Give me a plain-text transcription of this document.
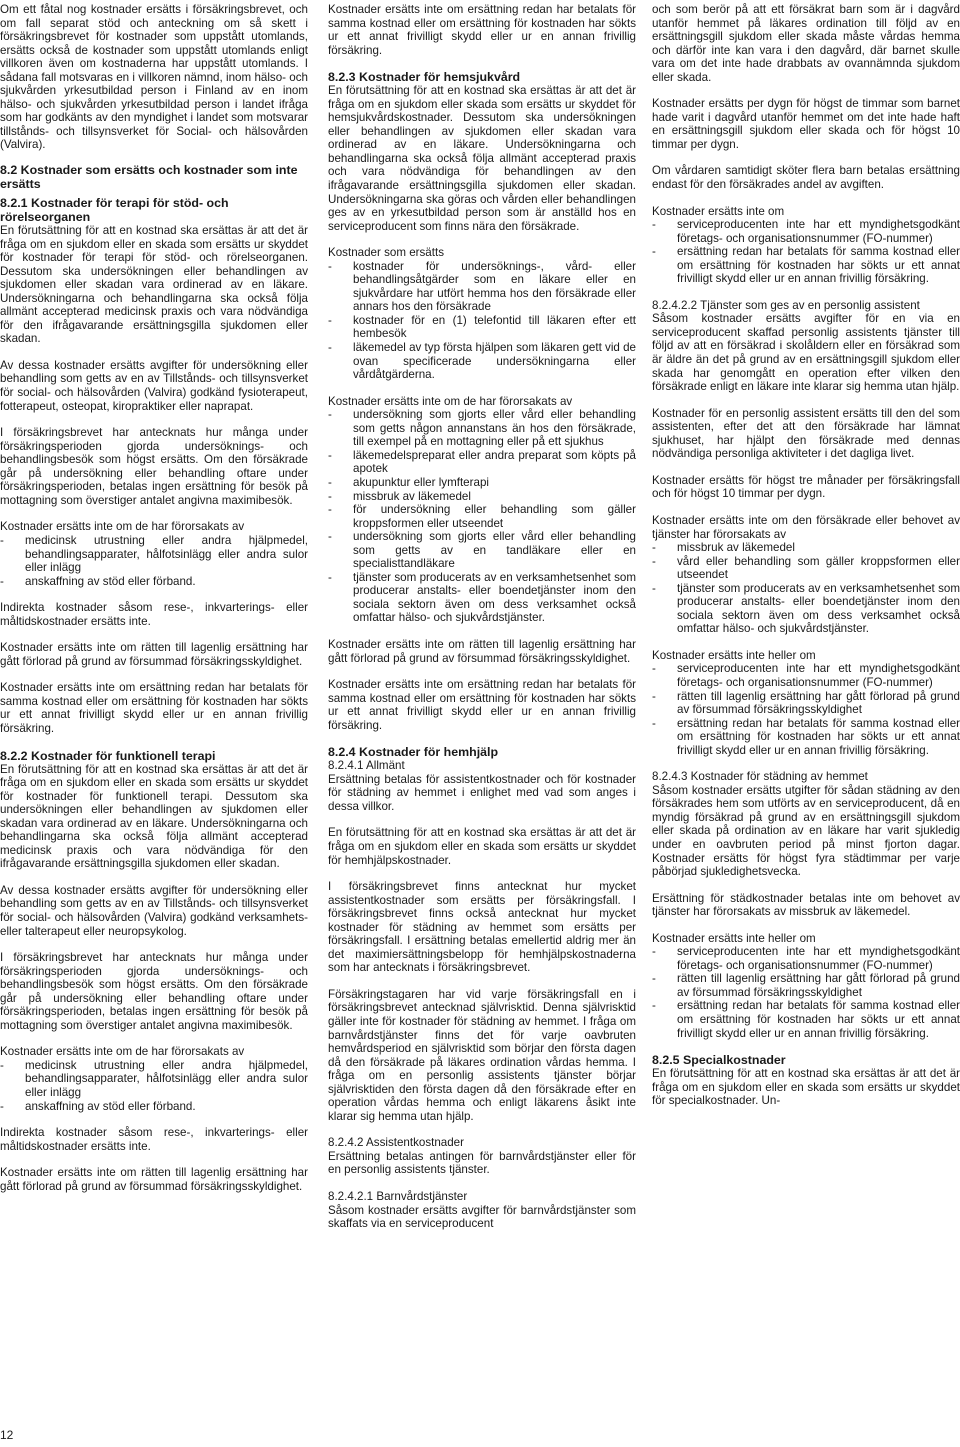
Om ett fåtal nog kostnader ersätts i försäkringsbrevet, och om fall separat stöd och anteckning om så skett i försäkringsbrevet för kostnader som uppstått utomlands, ersätts också de kostnader som uppstått utomlands enligt villkoren även om kostnaderna har uppstått utomlands. I sådana fall motsvaras en i villkoren nämnd, inom hälso- och sjukvården yrkesutbildad person i Finland av en inom hälso- och sjukvården yrkesutbildad person i landet ifråga som har godkänts av den myndighet i landet som motsvarar tillstånds- och tillsynsverket för Social- och hälsovården (Valvira).

8.2 Kostnader som ersätts och kostnader som inte ersätts
8.2.1 Kostnader för terapi för stöd- och rörelseorganen

En förutsättning för att en kostnad ska ersättas är att det är fråga om en sjukdom eller en skada som ersätts ur skyddet för kostnader för terapi för stöd- och rörelseorganen. Dessutom ska undersökningen eller behandlingen av sjukdomen eller skadan vara ordinerad av en läkare. Undersökningarna och behandlingarna ska också följa allmänt accepterad medicinsk praxis och vara nödvändiga för den ifrågavarande ersättningsgilla sjukdomen eller skadan.

Av dessa kostnader ersätts avgifter för undersökning eller behandling som getts av en av Tillstånds- och tillsynsverket för social- och hälsovården (Valvira) godkänd fysioterapeut, fotterapeut, osteopat, kiropraktiker eller naprapat.

I försäkringsbrevet har antecknats hur många under försäkringsperioden gjorda undersöknings- och behandlingsbesök som högst ersätts. Om den försäkrade går på undersökning eller behandling oftare under försäkringsperioden, betalas ingen ersättning för besök på mottagning som överstiger antalet angivna maximibesök.

Kostnader ersätts inte om de har förorsakats av

- medicinsk utrustning eller andra hjälpmedel, behandlingsapparater, hålfotsinlägg eller andra sulor eller inlägg
- anskaffning av stöd eller förband.

Indirekta kostnader såsom rese-, inkvarterings- eller måltidskostnader ersätts inte.

Kostnader ersätts inte om rätten till lagenlig ersättning har gått förlorad på grund av försummad försäkringsskyldighet.

Kostnader ersätts inte om ersättning redan har betalats för samma kostnad eller om ersättning för kostnaden har sökts ur ett annat frivilligt skydd eller ur en annan frivillig försäkring.

8.2.2 Kostnader för funktionell terapi

En förutsättning för att en kostnad ska ersättas är att det är fråga om en sjukdom eller en skada som ersätts ur skyddet för kostnader för funktionell terapi. Dessutom ska undersökningen eller behandlingen av sjukdomen eller skadan vara ordinerad av en läkare. Undersökningarna och behandlingarna ska också följa allmänt accepterad medicinsk praxis och vara nödvändiga för den ifrågavarande ersättningsgilla sjukdomen eller skadan.

Av dessa kostnader ersätts avgifter för undersökning eller behandling som getts av en av Tillstånds- och tillsynsverket för social- och hälsovården (Valvira) godkänd verksamhets- eller talterapeut eller neuropsykolog.

I försäkringsbrevet har antecknats hur många under försäkringsperioden gjorda undersöknings- och behandlingsbesök som högst ersätts. Om den försäkrade går på undersökning eller behandling oftare under försäkringsperioden, betalas ingen ersättning för besök på mottagning som överstiger antalet angivna maximibesök.

Kostnader ersätts inte om de har förorsakats av

- medicinsk utrustning eller andra hjälpmedel, behandlingsapparater, hålfotsinlägg eller andra sulor eller inlägg
- anskaffning av stöd eller förband.

Indirekta kostnader såsom rese-, inkvarterings- eller måltidskostnader ersätts inte.

Kostnader ersätts inte om rätten till lagenlig ersättning har gått förlorad på grund av försummad försäkringsskyldighet.

Kostnader ersätts inte om ersättning redan har betalats för samma kostnad eller om ersättning för kostnaden har sökts ur ett annat frivilligt skydd eller ur en annan frivillig försäkring.

8.2.3 Kostnader för hemsjukvård

En förutsättning för att en kostnad ska ersättas är att det är fråga om en sjukdom eller skada som ersätts ur skyddet för hemsjukvårdskostnader. Dessutom ska undersökningen eller behandlingen av sjukdomen eller skadan vara ordinerad av en läkare. Undersökningarna och behandlingarna ska också följa allmänt accepterad praxis och vara nödvändiga för behandlingen av den ifrågavarande ersättningsgilla sjukdomen eller skadan. Undersökningarna ska göras och vården eller behandlingen ges av en yrkesutbildad person som är anställd hos en serviceproducent som finns nära den försäkrade.

Kostnader som ersätts

- kostnader för undersöknings-, vård- eller behandlingsåtgärder som en läkare eller en sjukvårdare har utfört hemma hos den försäkrade eller annars hos den försäkrade
- kostnader för en (1) telefontid till läkaren efter ett hembesök
- läkemedel av typ första hjälpen som läkaren gett vid de ovan specificerade undersökningarna eller vårdåtgärderna.

Kostnader ersätts inte om de har förorsakats av

- undersökning som gjorts eller vård eller behandling som getts någon annanstans än hos den försäkrade, till exempel på en mottagning eller på ett sjukhus
- läkemedelspreparat eller andra preparat som köpts på apotek
- akupunktur eller lymfterapi
- missbruk av läkemedel
- för undersökning eller behandling som gäller kroppsformen eller utseendet
- undersökning som gjorts eller vård eller behandling som getts av en tandläkare eller en specialisttandläkare
- tjänster som producerats av en verksamhetsenhet som producerar anstalts- eller boendetjänster inom den sociala sektorn även om dess verksamhet också omfattar hälso- och sjukvårdstjänster.

Kostnader ersätts inte om rätten till lagenlig ersättning har gått förlorad på grund av försummad försäkringsskyldighet.

Kostnader ersätts inte om ersättning redan har betalats för samma kostnad eller om ersättning för kostnaden har sökts ur ett annat frivilligt skydd eller ur en annan frivillig försäkring.

8.2.4 Kostnader för hemhjälp
8.2.4.1 Allmänt

Ersättning betalas för assistentkostnader och för kostnader för städning av hemmet i enlighet med vad som anges i dessa villkor.

En förutsättning för att en kostnad ska ersättas är att det är fråga om en sjukdom eller en skada som ersätts ur skyddet för hemhjälpskostnader.

I försäkringsbrevet finns antecknat hur mycket assistentkostnader som ersätts per försäkringsfall. I försäkringsbrevet finns också antecknat hur mycket kostnader för städning av hemmet som ersätts per försäkringsfall. I ersättning betalas emellertid aldrig mer än det maximiersättningsbelopp för hemhjälpskostnaderna som har antecknats i försäkringsbrevet.

Försäkringstagaren har vid varje försäkringsfall en i försäkringsbrevet antecknad självrisktid. Denna självrisktid gäller inte för kostnader för städning av hemmet. I fråga om barnvårdstjänster finns det för varje oavbruten hemvårdsperiod en självrisktid som börjar den första dagen då den försäkrade på läkares ordination vårdas hemma. I fråga om en personlig assistents tjänster börjar självrisktiden den första dagen då den försäkrade efter en operation vårdas hemma och enligt läkarens åsikt inte klarar sig hemma utan hjälp.

8.2.4.2 Assistentkostnader

Ersättning betalas antingen för barnvårdstjänster eller för en personlig assistents tjänster.

8.2.4.2.1 Barnvårdstjänster

Såsom kostnader ersätts avgifter för barnvårdstjänster som skaffats via en serviceproducent

och som berör på att ett försäkrat barn som är i dagvård utanför hemmet på läkares ordination till följd av en ersättningsgill sjukdom eller skada måste vårdas hemma och därför inte kan vara i den dagvård, där barnet skulle vara om det inte hade drabbats av ovannämnda sjukdom eller skada.

Kostnader ersätts per dygn för högst de timmar som barnet hade varit i dagvård utanför hemmet om det inte hade haft en ersättningsgill sjukdom eller skada och för högst 10 timmar per dygn.

Om vårdaren samtidigt sköter flera barn betalas ersättning endast för den försäkrades andel av avgiften.

Kostnader ersätts inte om

- serviceproducenten inte har ett myndighetsgodkänt företags- och organisationsnummer (FO-nummer)
- ersättning redan har betalats för samma kostnad eller om ersättning för kostnaden har sökts ur ett annat frivilligt skydd eller ur en annan frivillig försäkring.
8.2.4.2.2 Tjänster som ges av en personlig assistent

Såsom kostnader ersätts avgifter för en via en serviceproducent skaffad personlig assistents tjänster till följd av att en försäkrad i skolåldern eller en försäkrad som är äldre än det på grund av en ersättningsgill sjukdom eller skada har genomgått en operation efter vilken den försäkrade enligt en läkare inte klarar sig hemma utan hjälp.

Kostnader för en personlig assistent ersätts till den del som assistenten, efter det att den försäkrade har lämnat sjukhuset, har hjälpt den försäkrade med dennas nödvändiga personliga aktiviteter i det dagliga livet.

Kostnader ersätts för högst tre månader per försäkringsfall och för högst 10 timmar per dygn.

Kostnader ersätts inte om den försäkrade eller behovet av tjänster har förorsakats av

- missbruk av läkemedel
- vård eller behandling som gäller kroppsformen eller utseendet
- tjänster som producerats av en verksamhetsenhet som producerar anstalts- eller boendetjänster inom den sociala sektorn även om dess verksamhet också omfattar hälso- och sjukvårdstjänster.

Kostnader ersätts inte heller om

- serviceproducenten inte har ett myndighetsgodkänt företags- och organisationsnummer (FO-nummer)
- rätten till lagenlig ersättning har gått förlorad på grund av försummad försäkringsskyldighet
- ersättning redan har betalats för samma kostnad eller om ersättning för kostnaden har sökts ur ett annat frivilligt skydd eller ur en annan frivillig försäkring.
8.2.4.3 Kostnader för städning av hemmet

Såsom kostnader ersätts utgifter för sådan städning av den försäkrades hem som utförts av en serviceproducent, då en myndig försäkrad på grund av en ersättningsgill sjukdom eller skada på ordination av en läkare har varit sjukledig under en oavbruten period på minst fjorton dagar. Kostnader ersätts för högst fyra städtimmar per varje påbörjad sjukledighetsvecka.

Ersättning för städkostnader betalas inte om behovet av tjänster har förorsakats av missbruk av läkemedel.

Kostnader ersätts inte heller om

- serviceproducenten inte har ett myndighetsgodkänt företags- och organisationsnummer (FO-nummer)
- rätten till lagenlig ersättning har gått förlorad på grund av försummad försäkringsskyldighet
- ersättning redan har betalats för samma kostnad eller om ersättning för kostnaden har sökts ur ett annat frivilligt skydd eller ur en annan frivillig försäkring.
8.2.5 Specialkostnader

En förutsättning för att en kostnad ska ersättas är att det är fråga om en sjukdom eller en skada som ersätts ur skyddet för specialkostnader. Un-

12
